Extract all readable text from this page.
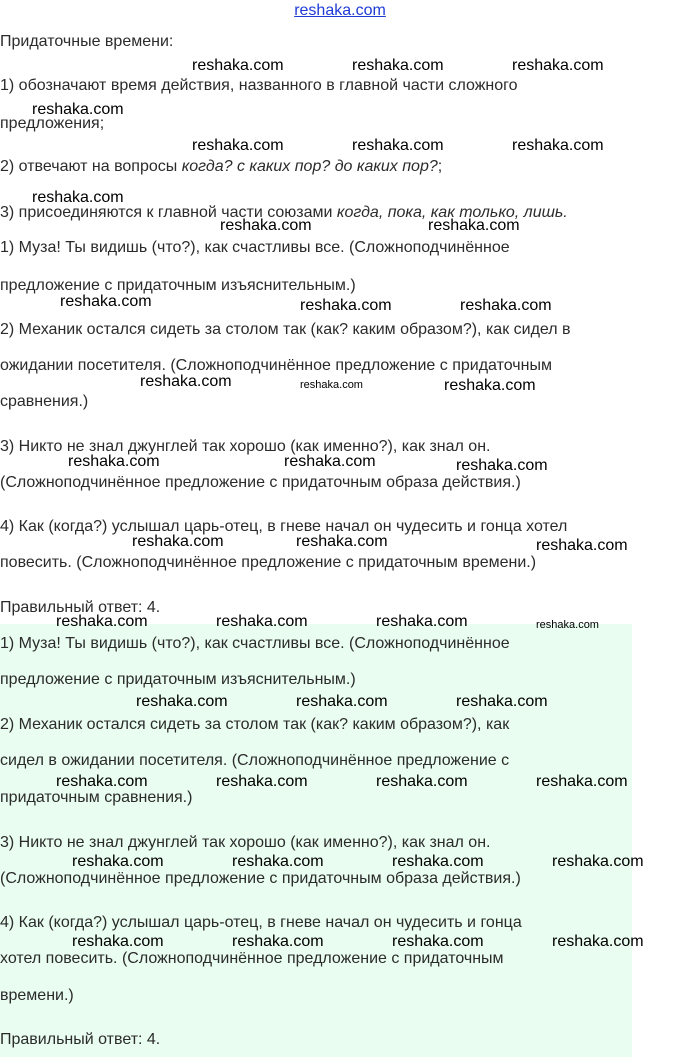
reshaka.com
Придаточные времени:
1) обозначают время действия, названного в главной части сложного
предложения;
2) отвечают на вопросы когда? с каких пор? до каких пор?;
3) присоединяются к главной части союзами когда, пока, как только, лишь.
1) Муза! Ты видишь (что?), как счастливы все. (Сложноподчинённое
предложение с придаточным изъяснительным.)
2) Механик остался сидеть за столом так (как? каким образом?), как сидел в
ожидании посетителя. (Сложноподчинённое предложение с придаточным
сравнения.)
3) Никто не знал джунглей так хорошо (как именно?), как знал он.
(Сложноподчинённое предложение с придаточным образа действия.)
4) Как (когда?) услышал царь-отец, в гневе начал он чудесить и гонца хотел
повесить. (Сложноподчинённое предложение с придаточным времени.)
Правильный ответ: 4.
1) Муза! Ты видишь (что?), как счастливы все. (Сложноподчинённое
предложение с придаточным изъяснительным.)
2) Механик остался сидеть за столом так (как? каким образом?), как
сидел в ожидании посетителя. (Сложноподчинённое предложение с
придаточным сравнения.)
3) Никто не знал джунглей так хорошо (как именно?), как знал он.
(Сложноподчинённое предложение с придаточным образа действия.)
4) Как (когда?) услышал царь-отец, в гневе начал он чудесить и гонца
хотел повесить. (Сложноподчинённое предложение с придаточным
времени.)
Правильный ответ: 4.
reshaka.com	reshaka.com	reshaka.com
reshaka.com
reshaka.com	reshaka.com	reshaka.com
reshaka.com
reshaka.com	reshaka.com
reshaka.com	reshaka.com	reshaka.com
reshaka.com	reshaka.com	reshaka.com
reshaka.com	reshaka.com	reshaka.com
reshaka.com	reshaka.com	reshaka.com
reshaka.com	reshaka.com	reshaka.com	reshaka.com
reshaka.com	reshaka.com	reshaka.com
reshaka.com	reshaka.com	reshaka.com	reshaka.com
reshaka.com	reshaka.com	reshaka.com	reshaka.com
reshaka.com	reshaka.com	reshaka.com	reshaka.com
